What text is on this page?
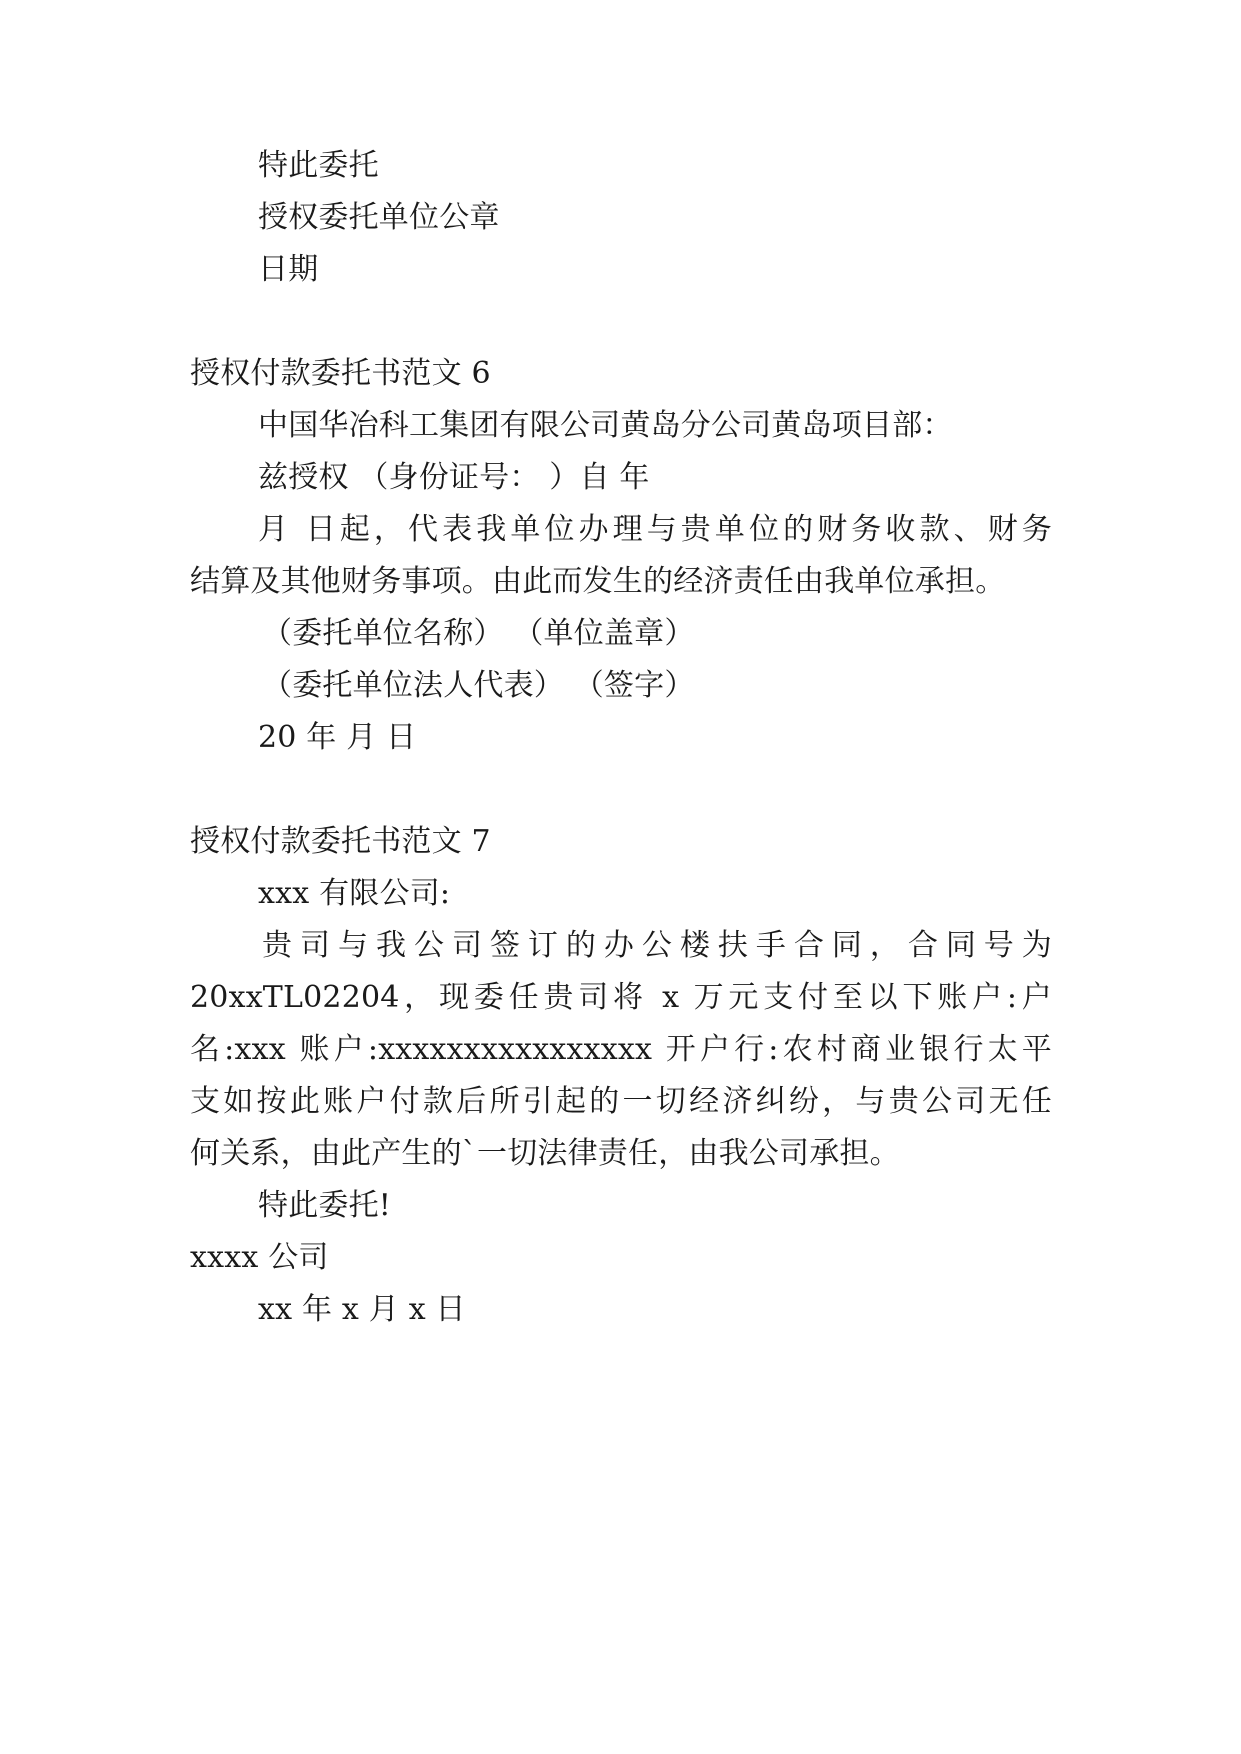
特此委托
授权委托单位公章
日期
授权付款委托书范文 6
中国华冶科工集团有限公司黄岛分公司黄岛项目部：
兹授权 （身份证号： ）自 年
月 日起，代表我单位办理与贵单位的财务收款、财务
结算及其他财务事项。由此而发生的经济责任由我单位承担。
（委托单位名称） （单位盖章）
（委托单位法人代表） （签字）
20 年 月 日
授权付款委托书范文 7
xxx 有限公司:
贵司与我公司签订的办公楼扶手合同，合同号为
20xxTL02204，现委任贵司将 x 万元支付至以下账户:户
名:xxx 账户:xxxxxxxxxxxxxxxx 开户行:农村商业银行太平
支如按此账户付款后所引起的一切经济纠纷，与贵公司无任
何关系，由此产生的`一切法律责任，由我公司承担。
特此委托!
xxxx 公司
xx 年 x 月 x 日
